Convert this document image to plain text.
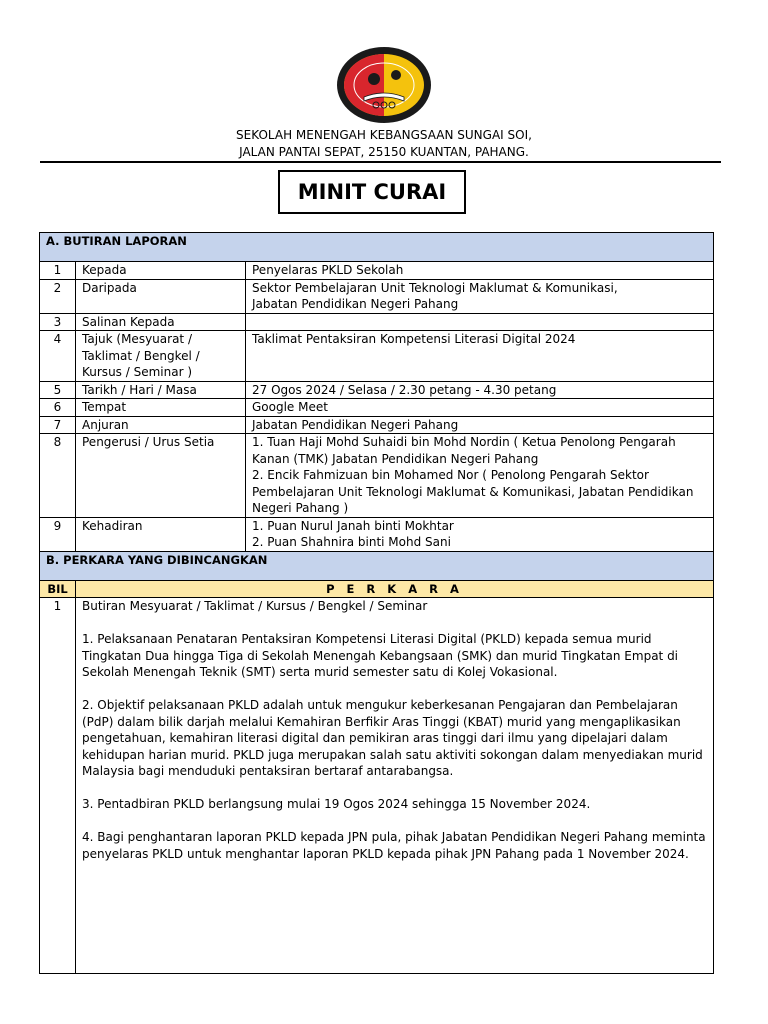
SEKOLAH MENENGAH KEBANGSAAN SUNGAI SOI,
JALAN PANTAI SEPAT, 25150 KUANTAN, PAHANG.
MINIT CURAI
A. BUTIRAN LAPORAN		
1	Kepada	Penyelaras PKLD Sekolah

2	Daripada	Sektor Pembelajaran Unit Teknologi Maklumat & Komunikasi,
Jabatan Pendidikan Negeri Pahang

3	Salinan Kepada	

4	Tajuk (Mesyuarat / Taklimat / Bengkel / Kursus / Seminar )	Taklimat Pentaksiran Kompetensi Literasi Digital 2024

5	Tarikh / Hari / Masa	27 Ogos 2024 / Selasa / 2.30 petang - 4.30 petang

6	Tempat	Google Meet

7	Anjuran	Jabatan Pendidikan Negeri Pahang

8	Pengerusi / Urus Setia	1. Tuan Haji Mohd Suhaidi bin Mohd Nordin ( Ketua Penolong Pengarah Kanan (TMK) Jabatan Pendidikan Negeri Pahang
2. Encik Fahmizuan bin Mohamed Nor ( Penolong Pengarah Sektor Pembelajaran Unit Teknologi Maklumat & Komunikasi, Jabatan Pendidikan Negeri Pahang )

9	Kehadiran	1. Puan Nurul Janah binti Mokhtar
2. Puan Shahnira binti Mohd Sani

B. PERKARA YANG DIBINCANGKAN		
BIL	P E R K A R A	
1	Butiran Mesyuarat / Taklimat / Kursus / Bengkel / Seminar
1. Pelaksanaan Penataran Pentaksiran Kompetensi Literasi Digital (PKLD) kepada semua murid Tingkatan Dua hingga Tiga di Sekolah Menengah Kebangsaan (SMK) dan murid Tingkatan Empat di Sekolah Menengah Teknik (SMT) serta murid semester satu di Kolej Vokasional.
2. Objektif pelaksanaan PKLD adalah untuk mengukur keberkesanan Pengajaran dan Pembelajaran (PdP) dalam bilik darjah melalui Kemahiran Berfikir Aras Tinggi (KBAT) murid yang mengaplikasikan pengetahuan, kemahiran literasi digital dan pemikiran aras tinggi dari ilmu yang dipelajari dalam kehidupan harian murid. PKLD juga merupakan salah satu aktiviti sokongan dalam menyediakan murid Malaysia bagi menduduki pentaksiran bertaraf antarabangsa.
3. Pentadbiran PKLD berlangsung mulai 19 Ogos 2024 sehingga 15 November 2024.
4. Bagi penghantaran laporan PKLD kepada JPN pula, pihak Jabatan Pendidikan Negeri Pahang meminta penyelaras PKLD untuk menghantar laporan PKLD kepada pihak JPN Pahang pada 1 November 2024.	
